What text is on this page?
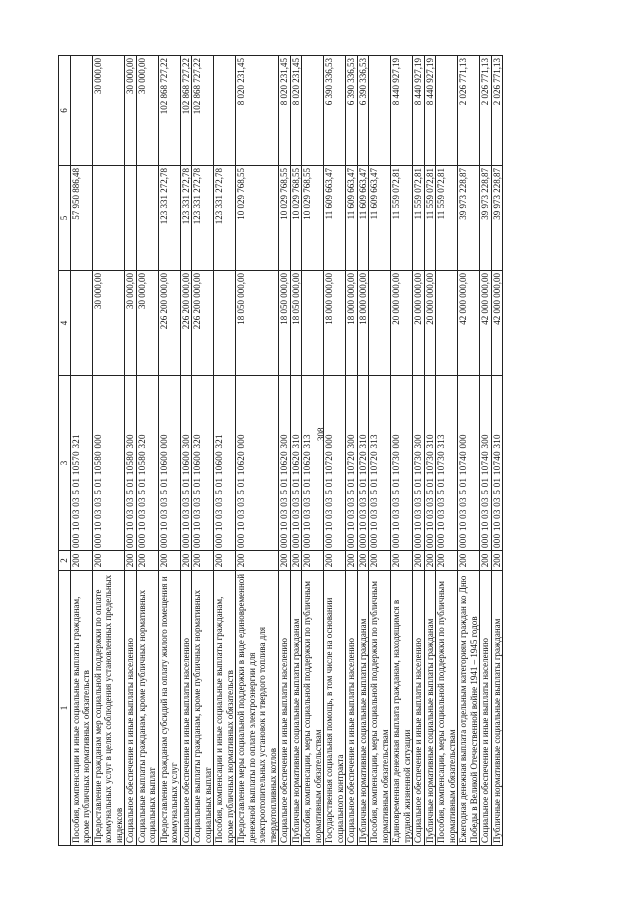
308
1	2	3	4	5	6
Пособия, компенсации и иные социальные выплаты гражданам, кроме публичных нормативных обязательств	200	000 10 03 03 5 01 10570 321		57 950 886,48	
Предоставление гражданам мер социальной поддержки по оплате коммунальных услуг в целях соблюдения установленных предельных индексов	200	000 10 03 03 5 01 10580 000	30 000,00		30 000,00
Социальное обеспечение и иные выплаты населению	200	000 10 03 03 5 01 10580 300	30 000,00		30 000,00
Социальные выплаты гражданам, кроме публичных нормативных социальных выплат	200	000 10 03 03 5 01 10580 320	30 000,00		30 000,00
Предоставление гражданам субсидий на оплату жилого помещения и коммунальных услуг	200	000 10 03 03 5 01 10600 000	226 200 000,00	123 331 272,78	102 868 727,22
Социальное обеспечение и иные выплаты населению	200	000 10 03 03 5 01 10600 300	226 200 000,00	123 331 272,78	102 868 727,22
Социальные выплаты гражданам, кроме публичных нормативных социальных выплат	200	000 10 03 03 5 01 10600 320	226 200 000,00	123 331 272,78	102 868 727,22
Пособия, компенсации и иные социальные выплаты гражданам, кроме публичных нормативных обязательств	200	000 10 03 03 5 01 10600 321		123 331 272,78	
Предоставление меры социальной поддержки в виде единовременной денежной выплаты по оплате электроэнергии для электроотопительных установок и твердого топлива для твердотопливных котлов	200	000 10 03 03 5 01 10620 000	18 050 000,00	10 029 768,55	8 020 231,45
Социальное обеспечение и иные выплаты населению	200	000 10 03 03 5 01 10620 300	18 050 000,00	10 029 768,55	8 020 231,45
Публичные нормативные социальные выплаты гражданам	200	000 10 03 03 5 01 10620 310	18 050 000,00	10 029 768,55	8 020 231,45
Пособия, компенсации, меры социальной поддержки по публичным нормативным обязательствам	200	000 10 03 03 5 01 10620 313		10 029 768,55	
Государственная социальная помощь, в том числе на основании социального контракта	200	000 10 03 03 5 01 10720 000	18 000 000,00	11 609 663,47	6 390 336,53
Социальное обеспечение и иные выплаты населению	200	000 10 03 03 5 01 10720 300	18 000 000,00	11 609 663,47	6 390 336,53
Публичные нормативные социальные выплаты гражданам	200	000 10 03 03 5 01 10720 310	18 000 000,00	11 609 663,47	6 390 336,53
Пособия, компенсации, меры социальной поддержки по публичным нормативным обязательствам	200	000 10 03 03 5 01 10720 313		11 609 663,47	
Единовременная денежная выплата гражданам, находящимся в трудной жизненной ситуации	200	000 10 03 03 5 01 10730 000	20 000 000,00	11 559 072,81	8 440 927,19
Социальное обеспечение и иные выплаты населению	200	000 10 03 03 5 01 10730 300	20 000 000,00	11 559 072,81	8 440 927,19
Публичные нормативные социальные выплаты гражданам	200	000 10 03 03 5 01 10730 310	20 000 000,00	11 559 072,81	8 440 927,19
Пособия, компенсации, меры социальной поддержки по публичным нормативным обязательствам	200	000 10 03 03 5 01 10730 313		11 559 072,81	
Ежегодная денежная выплата отдельным категориям граждан ко Дню Победы в Великой Отечественной войне 1941 – 1945 годов	200	000 10 03 03 5 01 10740 000	42 000 000,00	39 973 228,87	2 026 771,13
Социальное обеспечение и иные выплаты населению	200	000 10 03 03 5 01 10740 300	42 000 000,00	39 973 228,87	2 026 771,13
Публичные нормативные социальные выплаты гражданам	200	000 10 03 03 5 01 10740 310	42 000 000,00	39 973 228,87	2 026 771,13
